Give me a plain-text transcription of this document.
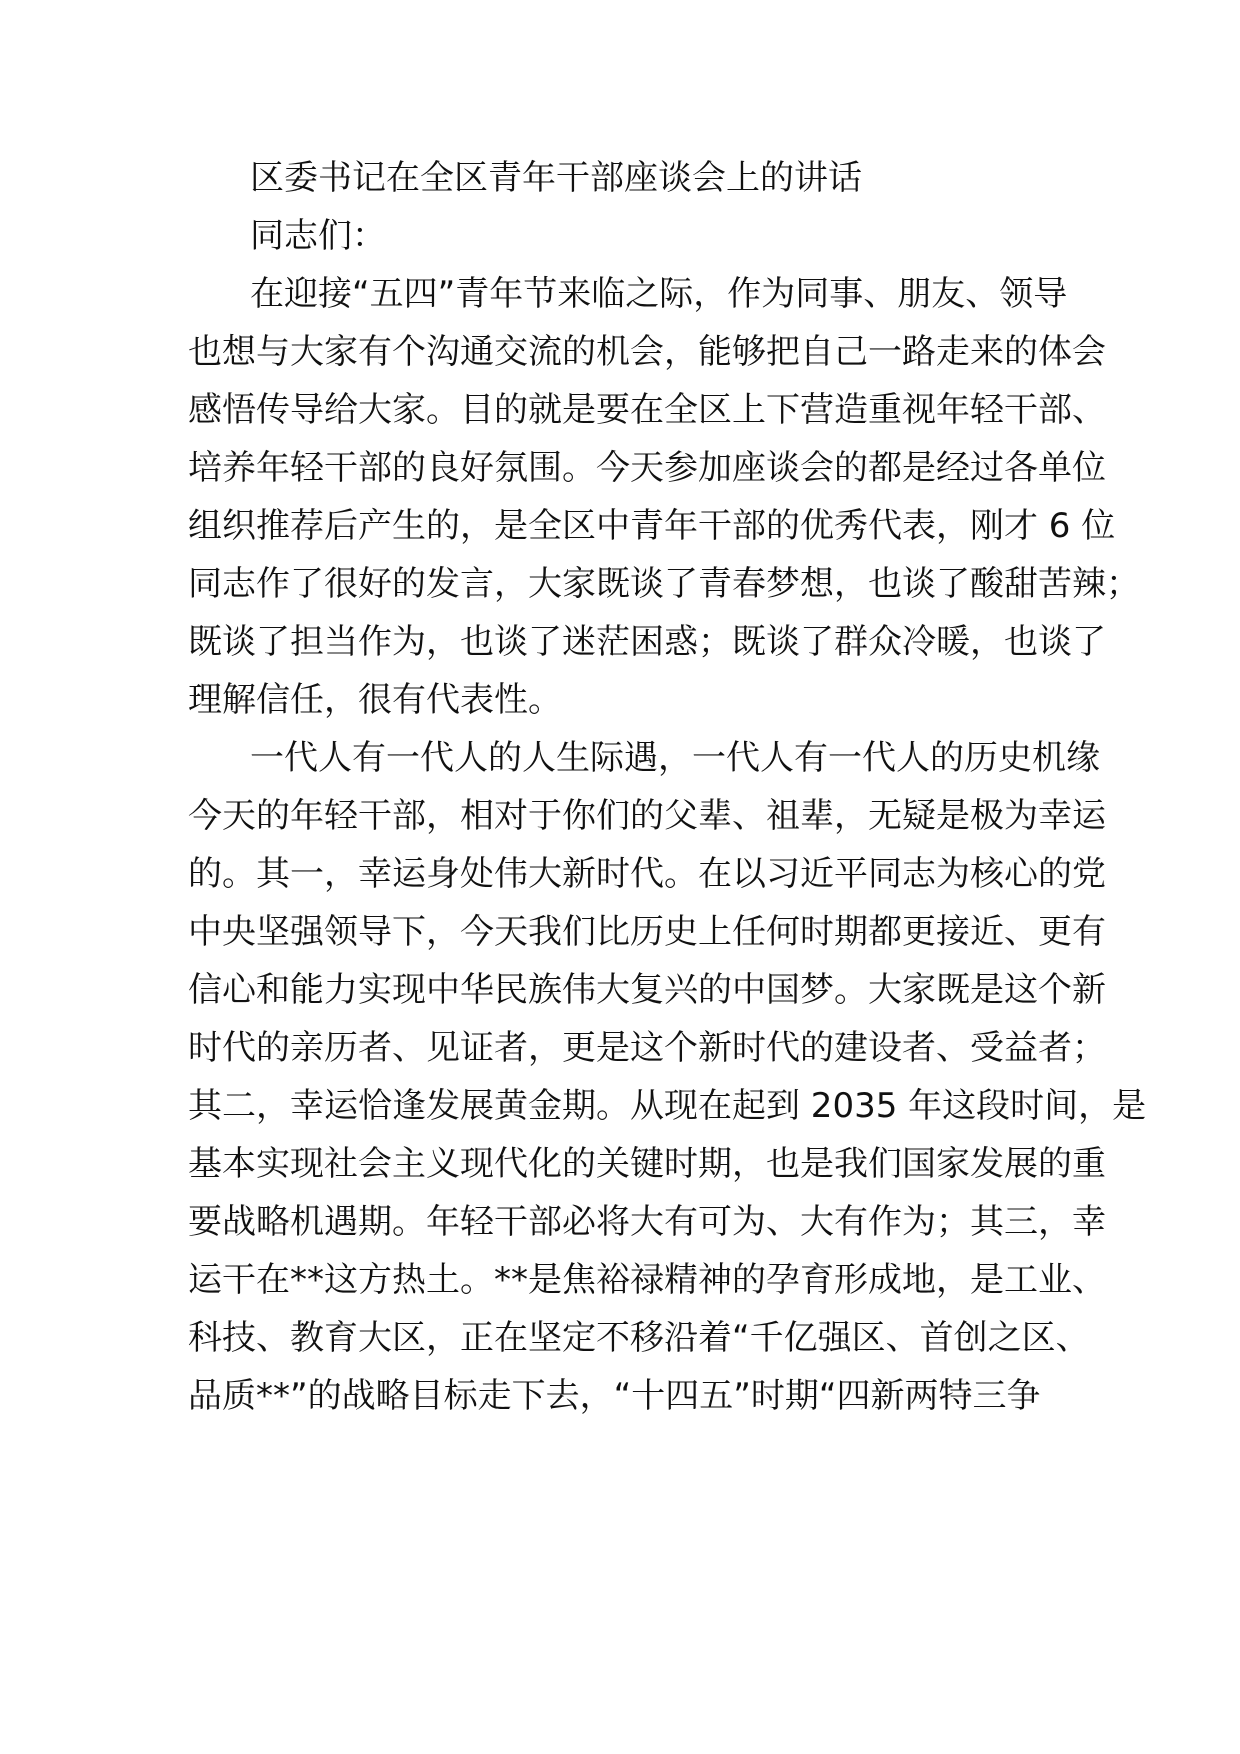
区委书记在全区青年干部座谈会上的讲话
同志们：
在迎接“五四”青年节来临之际，作为同事、朋友、领导
也想与大家有个沟通交流的机会，能够把自己一路走来的体会
感悟传导给大家。目的就是要在全区上下营造重视年轻干部、
培养年轻干部的良好氛围。今天参加座谈会的都是经过各单位
组织推荐后产生的，是全区中青年干部的优秀代表，刚才 6 位
同志作了很好的发言，大家既谈了青春梦想，也谈了酸甜苦辣；
既谈了担当作为，也谈了迷茫困惑；既谈了群众冷暖，也谈了
理解信任，很有代表性。
一代人有一代人的人生际遇，一代人有一代人的历史机缘
今天的年轻干部，相对于你们的父辈、祖辈，无疑是极为幸运
的。其一，幸运身处伟大新时代。在以习近平同志为核心的党
中央坚强领导下，今天我们比历史上任何时期都更接近、更有
信心和能力实现中华民族伟大复兴的中国梦。大家既是这个新
时代的亲历者、见证者，更是这个新时代的建设者、受益者；
其二，幸运恰逢发展黄金期。从现在起到 2035 年这段时间，是
基本实现社会主义现代化的关键时期，也是我们国家发展的重
要战略机遇期。年轻干部必将大有可为、大有作为；其三，幸
运干在**这方热土。**是焦裕禄精神的孕育形成地，是工业、
科技、教育大区，正在坚定不移沿着“千亿强区、首创之区、
品质**”的战略目标走下去，“十四五”时期“四新两特三争
